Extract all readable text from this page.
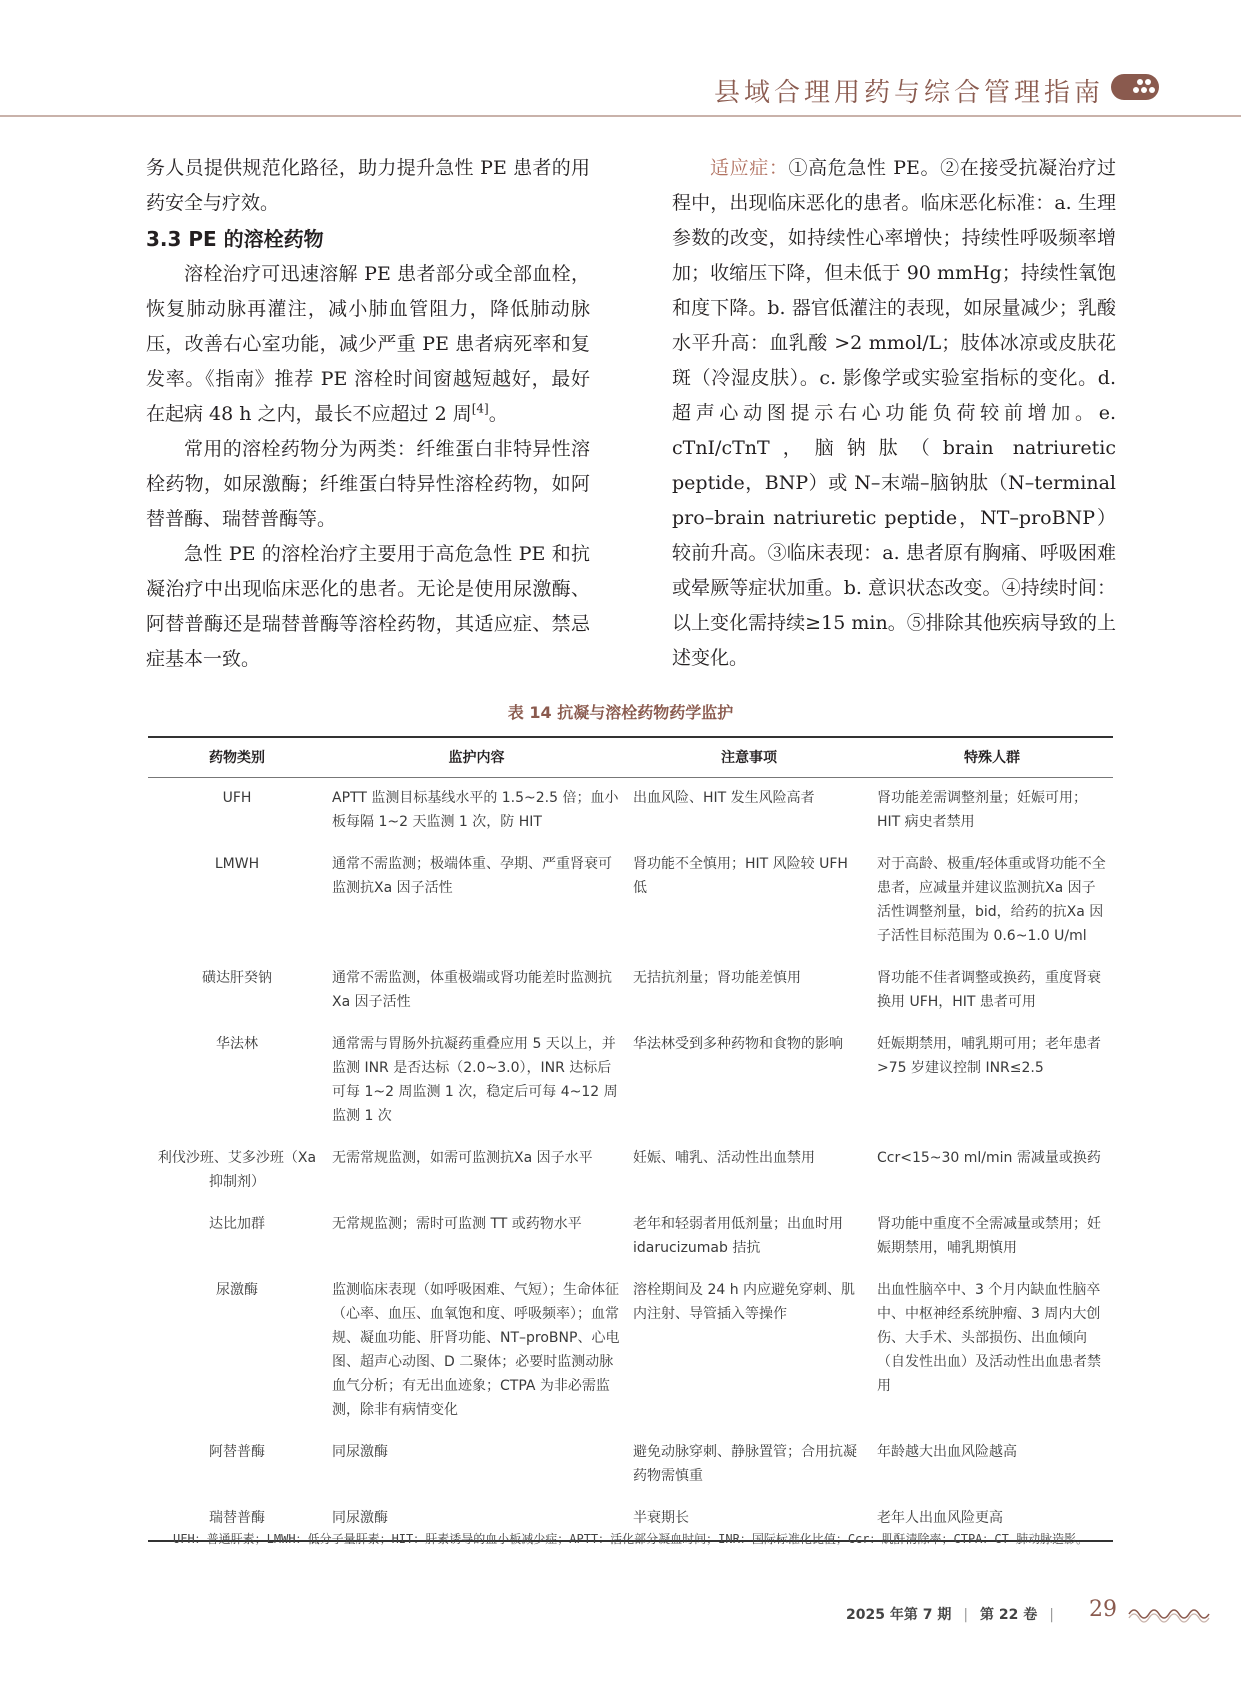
县域合理用药与综合管理指南

务人员提供规范化路径，助力提升急性 PE 患者的用药安全与疗效。

3.3 PE 的溶栓药物

溶栓治疗可迅速溶解 PE 患者部分或全部血栓，恢复肺动脉再灌注，减小肺血管阻力，降低肺动脉压，改善右心室功能，减少严重 PE 患者病死率和复发率。《指南》推荐 PE 溶栓时间窗越短越好，最好在起病 48 h 之内，最长不应超过 2 周[4]。

常用的溶栓药物分为两类：纤维蛋白非特异性溶栓药物，如尿激酶；纤维蛋白特异性溶栓药物，如阿替普酶、瑞替普酶等。

急性 PE 的溶栓治疗主要用于高危急性 PE 和抗凝治疗中出现临床恶化的患者。无论是使用尿激酶、阿替普酶还是瑞替普酶等溶栓药物，其适应症、禁忌症基本一致。

适应症：①高危急性 PE。②在接受抗凝治疗过程中，出现临床恶化的患者。临床恶化标准：a. 生理参数的改变，如持续性心率增快；持续性呼吸频率增加；收缩压下降，但未低于 90 mmHg；持续性氧饱和度下降。b. 器官低灌注的表现，如尿量减少；乳酸水平升高：血乳酸 >2 mmol/L；肢体冰凉或皮肤花斑（冷湿皮肤）。c. 影像学或实验室指标的变化。d. 超声心动图提示右心功能负荷较前增加。e. cTnI/cTnT，脑钠肽（brain natriuretic peptide，BNP）或 N–末端–脑钠肽（N–terminal pro–brain natriuretic peptide，NT–proBNP）较前升高。③临床表现：a. 患者原有胸痛、呼吸困难或晕厥等症状加重。b. 意识状态改变。④持续时间：以上变化需持续≥15 min。⑤排除其他疾病导致的上述变化。

表 14 抗凝与溶栓药物药学监护
药物类别	监护内容	注意事项	特殊人群
UFH	APTT 监测目标基线水平的 1.5~2.5 倍；血小板每隔 1~2 天监测 1 次，防 HIT	出血风险、HIT 发生风险高者	肾功能差需调整剂量；妊娠可用；HIT 病史者禁用
LMWH	通常不需监测；极端体重、孕期、严重肾衰可监测抗Xa 因子活性	肾功能不全慎用；HIT 风险较 UFH 低	对于高龄、极重/轻体重或肾功能不全患者，应减量并建议监测抗Xa 因子活性调整剂量，bid，给药的抗Xa 因子活性目标范围为 0.6~1.0 U/ml
磺达肝癸钠	通常不需监测，体重极端或肾功能差时监测抗Xa 因子活性	无拮抗剂量；肾功能差慎用	肾功能不佳者调整或换药，重度肾衰换用 UFH，HIT 患者可用
华法林	通常需与胃肠外抗凝药重叠应用 5 天以上，并监测 INR 是否达标（2.0~3.0），INR 达标后可每 1~2 周监测 1 次，稳定后可每 4~12 周监测 1 次	华法林受到多种药物和食物的影响	妊娠期禁用，哺乳期可用；老年患者 >75 岁建议控制 INR≤2.5
利伐沙班、艾多沙班（Xa 抑制剂）	无需常规监测，如需可监测抗Xa 因子水平	妊娠、哺乳、活动性出血禁用	Ccr<15~30 ml/min 需减量或换药
达比加群	无常规监测；需时可监测 TT 或药物水平	老年和轻弱者用低剂量；出血时用 idarucizumab 拮抗	肾功能中重度不全需减量或禁用；妊娠期禁用，哺乳期慎用
尿激酶	监测临床表现（如呼吸困难、气短）；生命体征（心率、血压、血氧饱和度、呼吸频率）；血常规、凝血功能、肝肾功能、NT–proBNP、心电图、超声心动图、D 二聚体；必要时监测动脉血气分析；有无出血迹象；CTPA 为非必需监测，除非有病情变化	溶栓期间及 24 h 内应避免穿刺、肌内注射、导管插入等操作	出血性脑卒中、3 个月内缺血性脑卒中、中枢神经系统肿瘤、3 周内大创伤、大手术、头部损伤、出血倾向（自发性出血）及活动性出血患者禁用
阿替普酶	同尿激酶	避免动脉穿刺、静脉置管；合用抗凝药物需慎重	年龄越大出血风险越高
瑞替普酶	同尿激酶	半衰期长	老年人出血风险更高
UFH：普通肝素；LMWH：低分子量肝素；HIT：肝素诱导的血小板减少症；APTT：活化部分凝血时间；INR：国际标准化比值；Ccr：肌酐清除率；CTPA：CT 肺动脉造影。
2025 年第 7 期 | 第 22 卷 |	29
